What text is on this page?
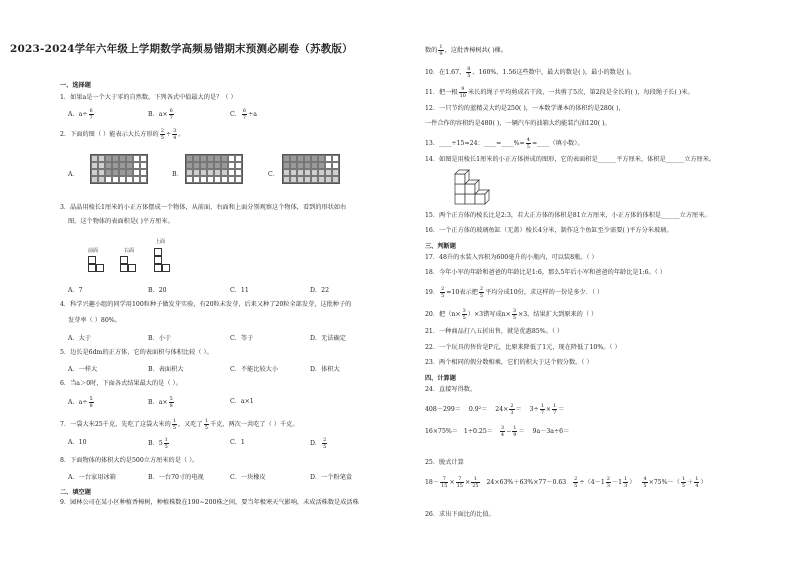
2023-2024学年六年级上学期数学高频易错期末预测必刷卷（苏教版）
一、选择题
1．如果a是一个大于零的自然数，下列各式中值最大的是？（ ）
A．$a\div \frac{6}{7}$	B．$a\times \frac{6}{7}$	C． $\frac{6}{7} \div a$
2．下面的图（ ）能表示大长方形的 $\frac{2}{5} \div \frac{3}{4}$ 。
A．	B．	C．
3．晶晶用棱长1厘米的小正方体摆成一个物体，从前面、右面和上面分别观察这个物体，看到的形状如右
图。这个物体的表面积是( )平方厘米。
前面	右面
上面
A．7	B．20	C．11	D．22
4．科学兴趣小组的同学用100粒种子做发芽实验，有20粒未发芽，后来又种了20粒全部发芽，这批种子的
发芽率（ ）80%。
A．大于	B．小于	C．等于	D．无法确定
5．边长是6dm的正方体，它的表面积与体积比较（ ）。
A．一样大	B．表面积大	C．不能比较大小	D．体积大
6．当a＞0时，下面各式结果最大的是（ ）。
A．$a\div \frac{5}{8}$	B．$a\times \frac{5}{8}$	C．a×1
7．一袋大米25千克，先吃了这袋大米的 $\frac{1}{5}$ ，又吃了 $\frac{1}{5}$ 千克，两次一共吃了（ ）千克。
A．10	B．$5 \frac{1}{5}$	C．1	D． $\frac{2}{5}$
8．下面物体的体积大约是500立方厘米的是（ ）。
A．一台家用冰箱	B．一台70寸的电视	C．一块橡皮	D．一个粉笔盒
二、填空题
9．园林公司在某小区种植香樟树，种植株数在190~200株之间，要当年极寒天气影响，未成活株数是成活株
数的 $\frac{1}{9}$ ，这批香樟树共( )棵。
10．在1.67、 $\frac{8}{5}$ 、160%、1.56这些数中，最大的数是( )，最小的数是( )。
11．把一根 $\frac{9}{10}$ 米长的绳子平均剪成若干段，一共剪了5次，第2段是全长的( )，每段绳子长( )米。
12．一只节约的蓝精灵大约是250( )，一本数学课本的体积约是280( )，
一件合作的容积约是480( )，一辆汽车的油箱大约能装汽油120( )。
13．____÷15=24：____=____%= $\frac{4}{5}$ =____（填小数）。
14．如图是用棱长1厘米的小正方体拼成的图形，它的表面积是______平方厘米，体积是______立方厘米。
15．两个正方体的棱长比是2:3，若大正方体的体积是81立方厘米，小正方体的体积是______立方厘米。
16．一个正方体的玻璃鱼缸（无盖）棱长4分米，制作这个鱼缸至少需要( )平方分米玻璃。
三、判断题
17．48升的水装入容积为600毫升的小瓶内，可以装8瓶。（ ）
18．今年小军的年龄和爸爸的年龄比是1:6，那么5年后小军和爸爸的年龄比是1:6。（ ）
19． $\frac{2}{5} =10$表示把 $\frac{2}{5}$ 平均分成10份，求这样的一份是多少．（ ）
20．把$(n\times \frac{3}{5} )\times 3$错写成$n\times \frac{3}{5} \times 3$，结果扩大到原来的（ ）
21．一种商品打八五折出售，就是优惠85%。（ ）
22．一个玩具的售价是P元，比原来降低了1元，现在降低了10%。（ ）
23．两个相同的假分数相乘，它们的积大于这个假分数。（ ）
四、计算题
24．直接写得数。
$408-299= 0.9^2= 24\times \frac{2}{3} = 3\div \frac{1}{7} \times \frac{1}{7}$ ＝
$16\times 75\%= 1\div 0.25= \frac{3}{4} - \frac{1}{9} = 9a-3a\div 6=$
25．脱式计算
$18- \frac{7}{15} \times \frac{7}{15} \times \frac{1}{25} 24\times 63\%+63\%\times 77-0.63 \frac{2}{5} \div(4-1 \frac{2}{3} -1 \frac{1}{3}$ ） $\frac{4}{5} \times 75\%-( \frac{1}{5} + \frac{1}{4}$ ）
26．求出下面比的比值。
